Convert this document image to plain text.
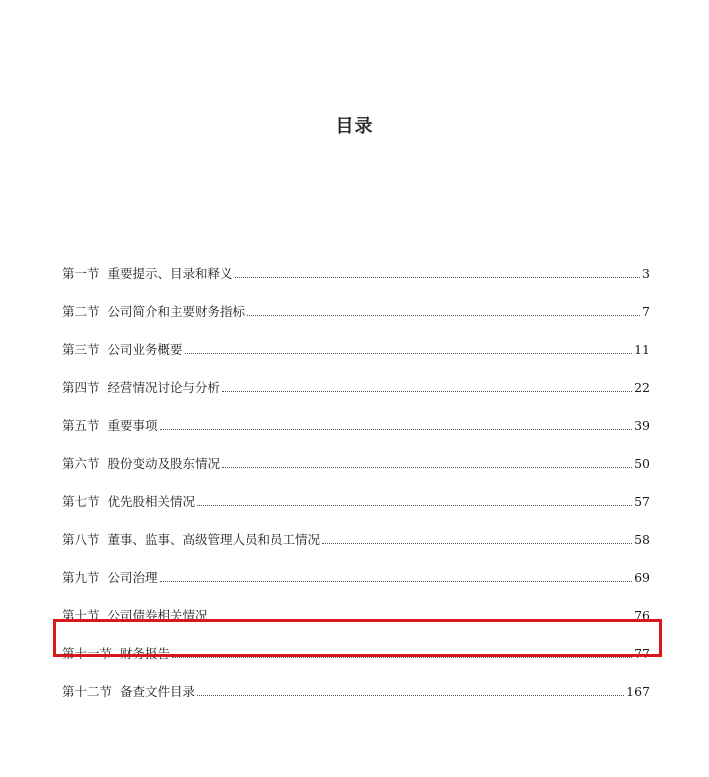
目录
第一节 重要提示、目录和释义	3
第二节 公司简介和主要财务指标	7
第三节 公司业务概要	11
第四节 经营情况讨论与分析	22
第五节 重要事项	39
第六节 股份变动及股东情况	50
第七节 优先股相关情况	57
第八节 董事、监事、高级管理人员和员工情况	58
第九节 公司治理	69
第十节 公司债券相关情况	76
第十一节 财务报告	77
第十二节 备查文件目录	167
